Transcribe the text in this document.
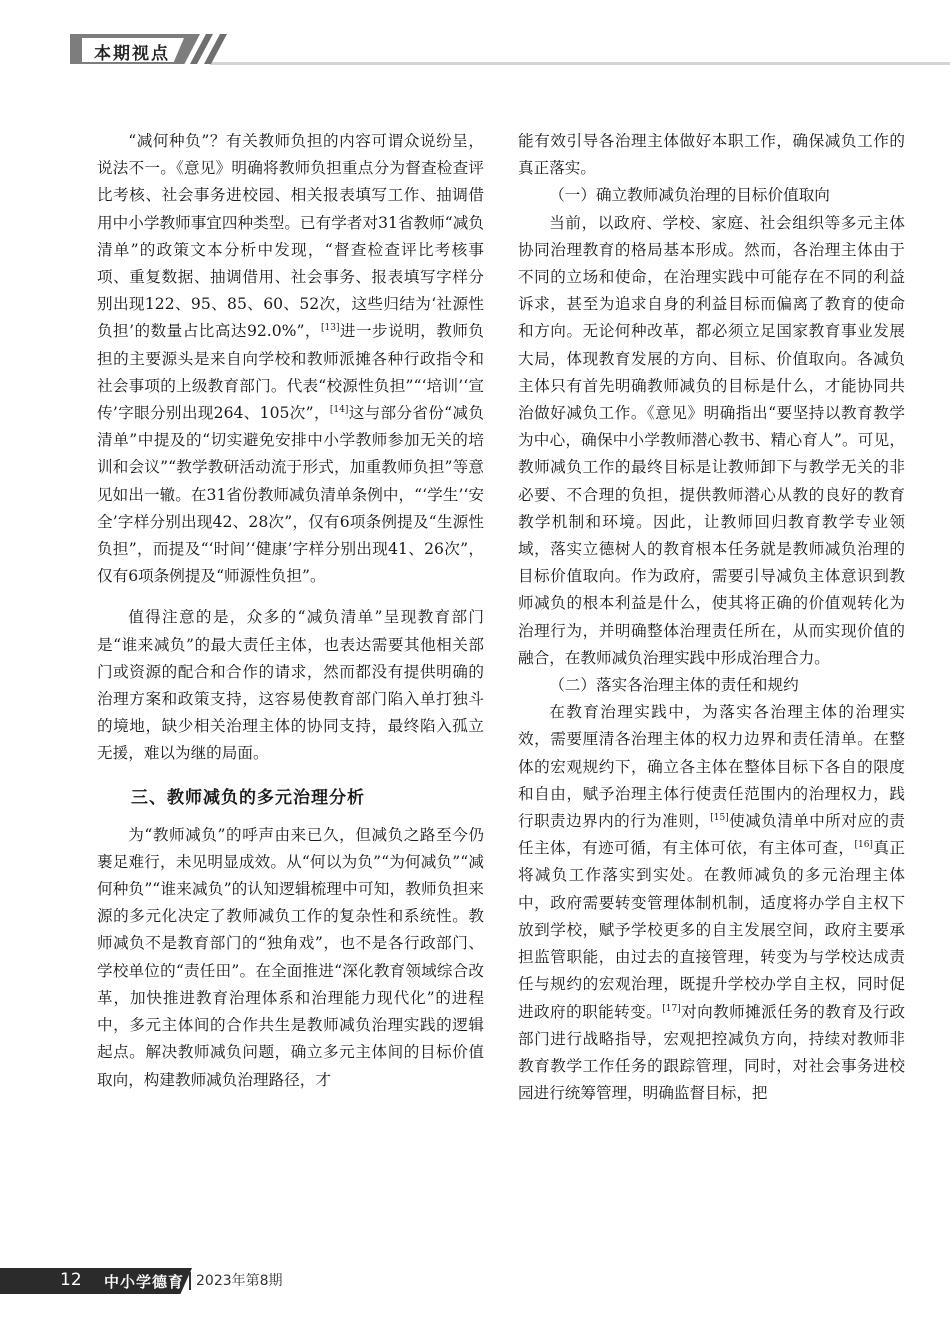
本期视点

“减何种负”？有关教师负担的内容可谓众说纷呈，说法不一。《意见》明确将教师负担重点分为督查检查评比考核、社会事务进校园、相关报表填写工作、抽调借用中小学教师事宜四种类型。已有学者对31省教师“减负清单”的政策文本分析中发现，“督查检查评比考核事项、重复数据、抽调借用、社会事务、报表填写字样分别出现122、95、85、60、52次，这些归结为‘社源性负担’的数量占比高达92.0%”，[13]进一步说明，教师负担的主要源头是来自向学校和教师派摊各种行政指令和社会事项的上级教育部门。代表“校源性负担”“‘培训’‘宣传’字眼分别出现264、105次”，[14]这与部分省份“减负清单”中提及的“切实避免安排中小学教师参加无关的培训和会议”“教学教研活动流于形式，加重教师负担”等意见如出一辙。在31省份教师减负清单条例中，“‘学生’‘安全’字样分别出现42、28次”，仅有6项条例提及“生源性负担”，而提及“‘时间’‘健康’字样分别出现41、26次”，仅有6项条例提及“师源性负担”。

值得注意的是，众多的“减负清单”呈现教育部门是“谁来减负”的最大责任主体，也表达需要其他相关部门或资源的配合和合作的请求，然而都没有提供明确的治理方案和政策支持，这容易使教育部门陷入单打独斗的境地，缺少相关治理主体的协同支持，最终陷入孤立无援，难以为继的局面。

三、教师减负的多元治理分析

为“教师减负”的呼声由来已久，但减负之路至今仍裹足难行，未见明显成效。从“何以为负”“为何减负”“减何种负”“谁来减负”的认知逻辑梳理中可知，教师负担来源的多元化决定了教师减负工作的复杂性和系统性。教师减负不是教育部门的“独角戏”，也不是各行政部门、学校单位的“责任田”。在全面推进“深化教育领域综合改革，加快推进教育治理体系和治理能力现代化”的进程中，多元主体间的合作共生是教师减负治理实践的逻辑起点。解决教师减负问题，确立多元主体间的目标价值取向，构建教师减负治理路径，才

能有效引导各治理主体做好本职工作，确保减负工作的真正落实。

（一）确立教师减负治理的目标价值取向

当前，以政府、学校、家庭、社会组织等多元主体协同治理教育的格局基本形成。然而，各治理主体由于不同的立场和使命，在治理实践中可能存在不同的利益诉求，甚至为追求自身的利益目标而偏离了教育的使命和方向。无论何种改革，都必须立足国家教育事业发展大局，体现教育发展的方向、目标、价值取向。各减负主体只有首先明确教师减负的目标是什么，才能协同共治做好减负工作。《意见》明确指出“要坚持以教育教学为中心，确保中小学教师潜心教书、精心育人”。可见，教师减负工作的最终目标是让教师卸下与教学无关的非必要、不合理的负担，提供教师潜心从教的良好的教育教学机制和环境。因此，让教师回归教育教学专业领域，落实立德树人的教育根本任务就是教师减负治理的目标价值取向。作为政府，需要引导减负主体意识到教师减负的根本利益是什么，使其将正确的价值观转化为治理行为，并明确整体治理责任所在，从而实现价值的融合，在教师减负治理实践中形成治理合力。

（二）落实各治理主体的责任和规约

在教育治理实践中，为落实各治理主体的治理实效，需要厘清各治理主体的权力边界和责任清单。在整体的宏观规约下，确立各主体在整体目标下各自的限度和自由，赋予治理主体行使责任范围内的治理权力，践行职责边界内的行为准则，[15]使减负清单中所对应的责任主体，有迹可循，有主体可依，有主体可查，[16]真正将减负工作落实到实处。在教师减负的多元治理主体中，政府需要转变管理体制机制，适度将办学自主权下放到学校，赋予学校更多的自主发展空间，政府主要承担监管职能，由过去的直接管理，转变为与学校达成责任与规约的宏观治理，既提升学校办学自主权，同时促进政府的职能转变。[17]对向教师摊派任务的教育及行政部门进行战略指导，宏观把控减负方向，持续对教师非教育教学工作任务的跟踪管理，同时，对社会事务进校园进行统筹管理，明确监督目标，把

12 中小学德育 2023年第8期
